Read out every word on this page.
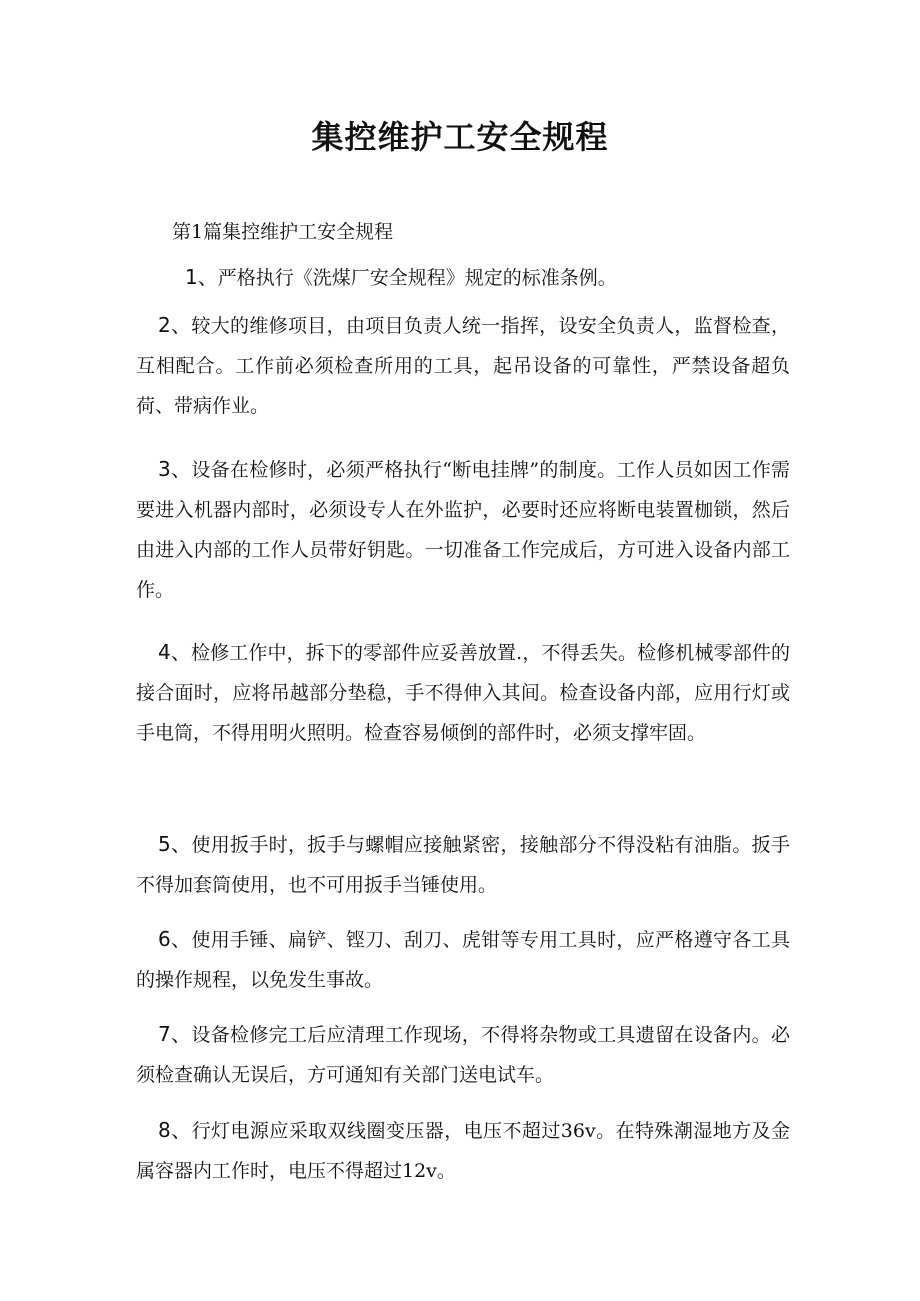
集控维护工安全规程

第1篇集控维护工安全规程

1、严格执行《洗煤厂安全规程》规定的标准条例。

2、较大的维修项目，由项目负责人统一指挥，设安全负责人，监督检查，互相配合。工作前必须检查所用的工具，起吊设备的可靠性，严禁设备超负荷、带病作业。

3、设备在检修时，必须严格执行“断电挂牌”的制度。工作人员如因工作需要进入机器内部时，必须设专人在外监护，必要时还应将断电装置枷锁，然后由进入内部的工作人员带好钥匙。一切准备工作完成后，方可进入设备内部工作。

4、检修工作中，拆下的零部件应妥善放置.，不得丢失。检修机械零部件的接合面时，应将吊越部分垫稳，手不得伸入其间。检查设备内部，应用行灯或手电筒，不得用明火照明。检查容易倾倒的部件时，必须支撑牢固。

5、使用扳手时，扳手与螺帽应接触紧密，接触部分不得没粘有油脂。扳手不得加套筒使用，也不可用扳手当锤使用。

6、使用手锤、扁铲、铿刀、刮刀、虎钳等专用工具时，应严格遵守各工具的操作规程，以免发生事故。

7、设备检修完工后应清理工作现场，不得将杂物或工具遗留在设备内。必须检查确认无误后，方可通知有关部门送电试车。

8、行灯电源应采取双线圈变压器，电压不超过36v。在特殊潮湿地方及金属容器内工作时，电压不得超过12v。
